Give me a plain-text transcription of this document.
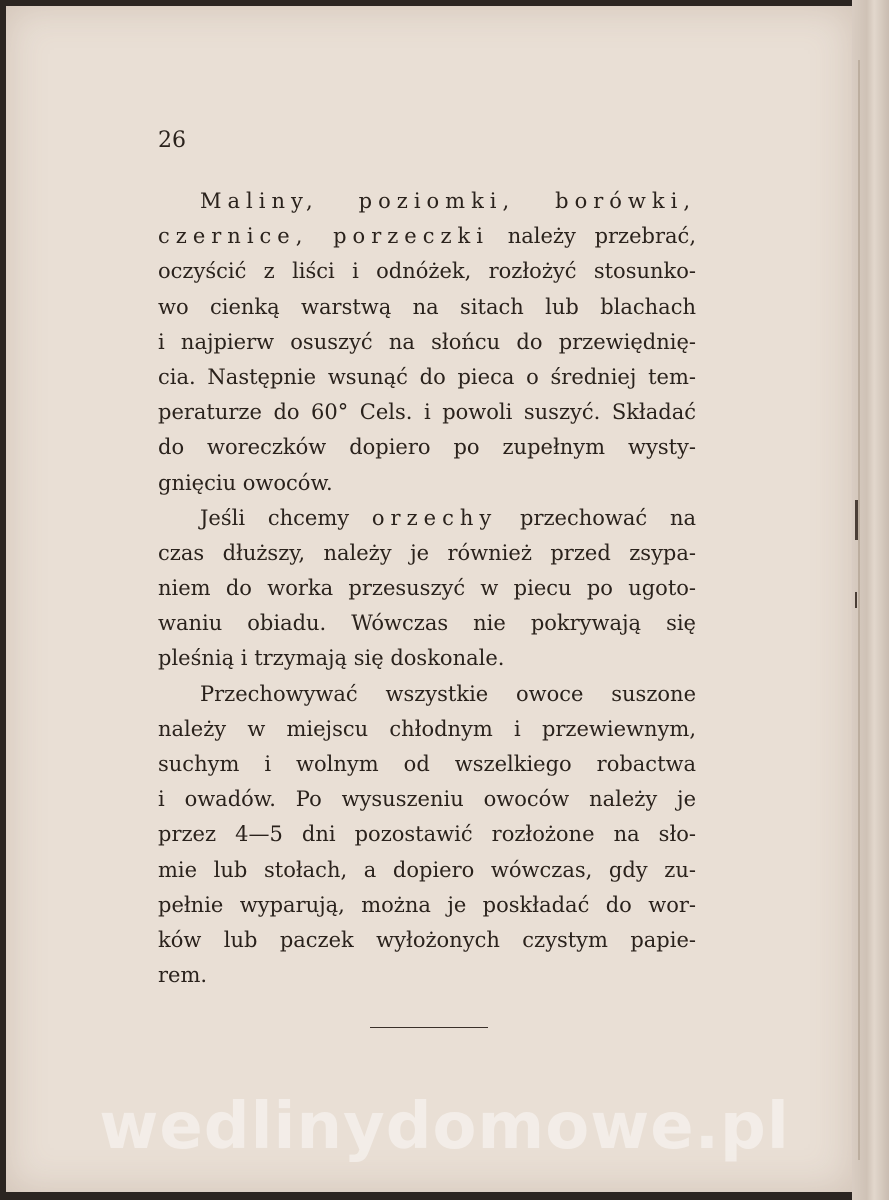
26
Maliny, poziomki, borówki,
czernice, porzeczki należy przebrać,
oczyścić z liści i odnóżek, rozłożyć stosunko-
wo cienką warstwą na sitach lub blachach
i najpierw osuszyć na słońcu do przewiędnię-
cia. Następnie wsunąć do pieca o średniej tem-
peraturze do 60° Cels. i powoli suszyć. Składać
do woreczków dopiero po zupełnym wysty-
gnięciu owoców.
Jeśli chcemy orzechy przechować na
czas dłuższy, należy je również przed zsypa-
niem do worka przesuszyć w piecu po ugoto-
waniu obiadu. Wówczas nie pokrywają się
pleśnią i trzymają się doskonale.
Przechowywać wszystkie owoce suszone
należy w miejscu chłodnym i przewiewnym,
suchym i wolnym od wszelkiego robactwa
i owadów. Po wysuszeniu owoców należy je
przez 4—5 dni pozostawić rozłożone na sło-
mie lub stołach, a dopiero wówczas, gdy zu-
pełnie wyparują, można je poskładać do wor-
ków lub paczek wyłożonych czystym papie-
rem.
wedlinydomowe.pl
